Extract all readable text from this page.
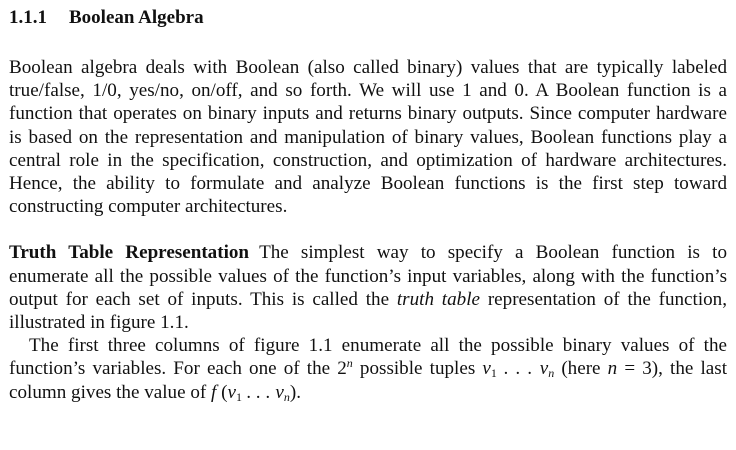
1.1.1 Boolean Algebra

Boolean algebra deals with Boolean (also called binary) values that are typically labeled true/false, 1/0, yes/no, on/off, and so forth. We will use 1 and 0. A Boolean function is a function that operates on binary inputs and returns binary outputs. Since computer hardware is based on the representation and manipulation of binary values, Boolean functions play a central role in the specification, construction, and optimization of hardware architectures. Hence, the ability to formulate and analyze Boolean functions is the first step toward constructing computer architectures.

Truth Table Representation The simplest way to specify a Boolean function is to enumerate all the possible values of the function’s input variables, along with the function’s output for each set of inputs. This is called the truth table representation of the function, illustrated in figure 1.1.

The first three columns of figure 1.1 enumerate all the possible binary values of the function’s variables. For each one of the 2$^n$ possible tuples $v_1$ . . . $v_n$ (here n = 3), the last column gives the value of f ($v_1$ . . . $v_n$).
